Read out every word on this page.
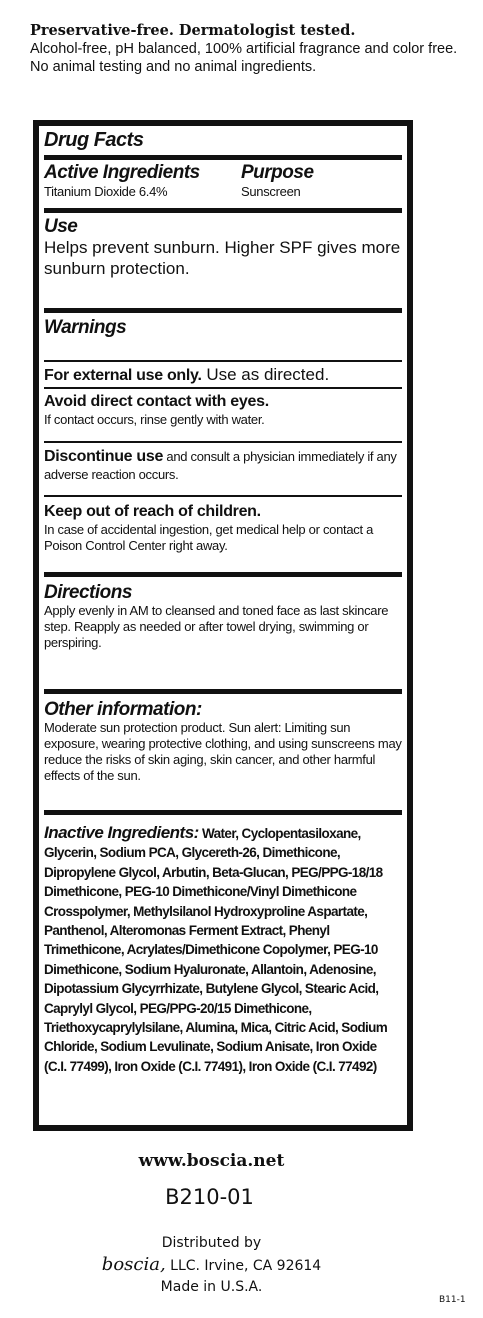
Preservative-free. Dermatologist tested.
Alcohol-free, pH balanced, 100% artificial fragrance and color free. No animal testing and no animal ingredients.
Drug Facts
Active Ingredients	Purpose
Titanium Dioxide 6.4%	Sunscreen
Use
Helps prevent sunburn. Higher SPF gives more sunburn protection.
Warnings
For external use only. Use as directed.
Avoid direct contact with eyes.
If contact occurs, rinse gently with water.

Discontinue use and consult a physician immediately if any adverse reaction occurs.

Keep out of reach of children.
In case of accidental ingestion, get medical help or contact a Poison Control Center right away.
Directions
Apply evenly in AM to cleansed and toned face as last skincare step. Reapply as needed or after towel drying, swimming or perspiring.
Other information:
Moderate sun protection product. Sun alert: Limiting sun exposure, wearing protective clothing, and using sunscreens may reduce the risks of skin aging, skin cancer, and other harmful effects of the sun.

Inactive Ingredients: Water, Cyclopentasiloxane, Glycerin, Sodium PCA, Glycereth-26, Dimethicone, Dipropylene Glycol, Arbutin, Beta-Glucan, PEG/PPG-18/18 Dimethicone, PEG-10 Dimethicone/Vinyl Dimethicone Crosspolymer, Methylsilanol Hydroxyproline Aspartate, Panthenol, Alteromonas Ferment Extract, Phenyl Trimethicone, Acrylates/Dimethicone Copolymer, PEG-10 Dimethicone, Sodium Hyaluronate, Allantoin, Adenosine, Dipotassium Glycyrrhizate, Butylene Glycol, Stearic Acid, Caprylyl Glycol, PEG/PPG-20/15 Dimethicone, Triethoxycaprylylsilane, Alumina, Mica, Citric Acid, Sodium Chloride, Sodium Levulinate, Sodium Anisate, Iron Oxide (C.I. 77499), Iron Oxide (C.I. 77491), Iron Oxide (C.I. 77492)

www.boscia.net
B210-01
Distributed by
boscia, LLC. Irvine, CA 92614
Made in U.S.A.
B11-1
